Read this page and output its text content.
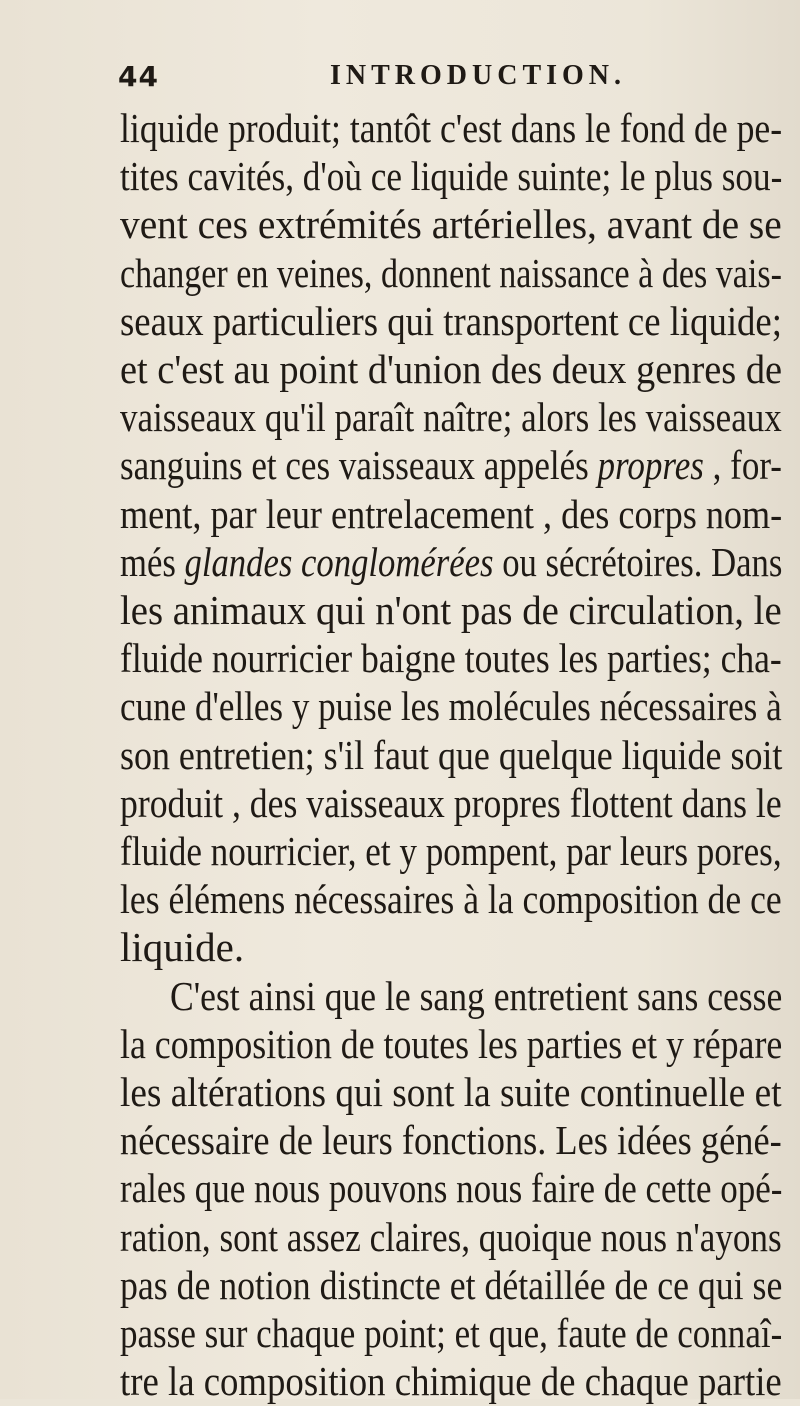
44	INTRODUCTION.
liquide produit; tantôt c'est dans le fond de pe-
tites cavités, d'où ce liquide suinte; le plus sou-
vent ces extrémités artérielles, avant de se
changer en veines, donnent naissance à des vais-
seaux particuliers qui transportent ce liquide;
et c'est au point d'union des deux genres de
vaisseaux qu'il paraît naître; alors les vaisseaux
sanguins et ces vaisseaux appelés propres , for-
ment, par leur entrelacement , des corps nom-
més glandes conglomérées ou sécrétoires. Dans
les animaux qui n'ont pas de circulation, le
fluide nourricier baigne toutes les parties; cha-
cune d'elles y puise les molécules nécessaires à
son entretien; s'il faut que quelque liquide soit
produit , des vaisseaux propres flottent dans le
fluide nourricier, et y pompent, par leurs pores,
les élémens nécessaires à la composition de ce
liquide.
C'est ainsi que le sang entretient sans cesse
la composition de toutes les parties et y répare
les altérations qui sont la suite continuelle et
nécessaire de leurs fonctions. Les idées géné-
rales que nous pouvons nous faire de cette opé-
ration, sont assez claires, quoique nous n'ayons
pas de notion distincte et détaillée de ce qui se
passe sur chaque point; et que, faute de connaî-
tre la composition chimique de chaque partie
